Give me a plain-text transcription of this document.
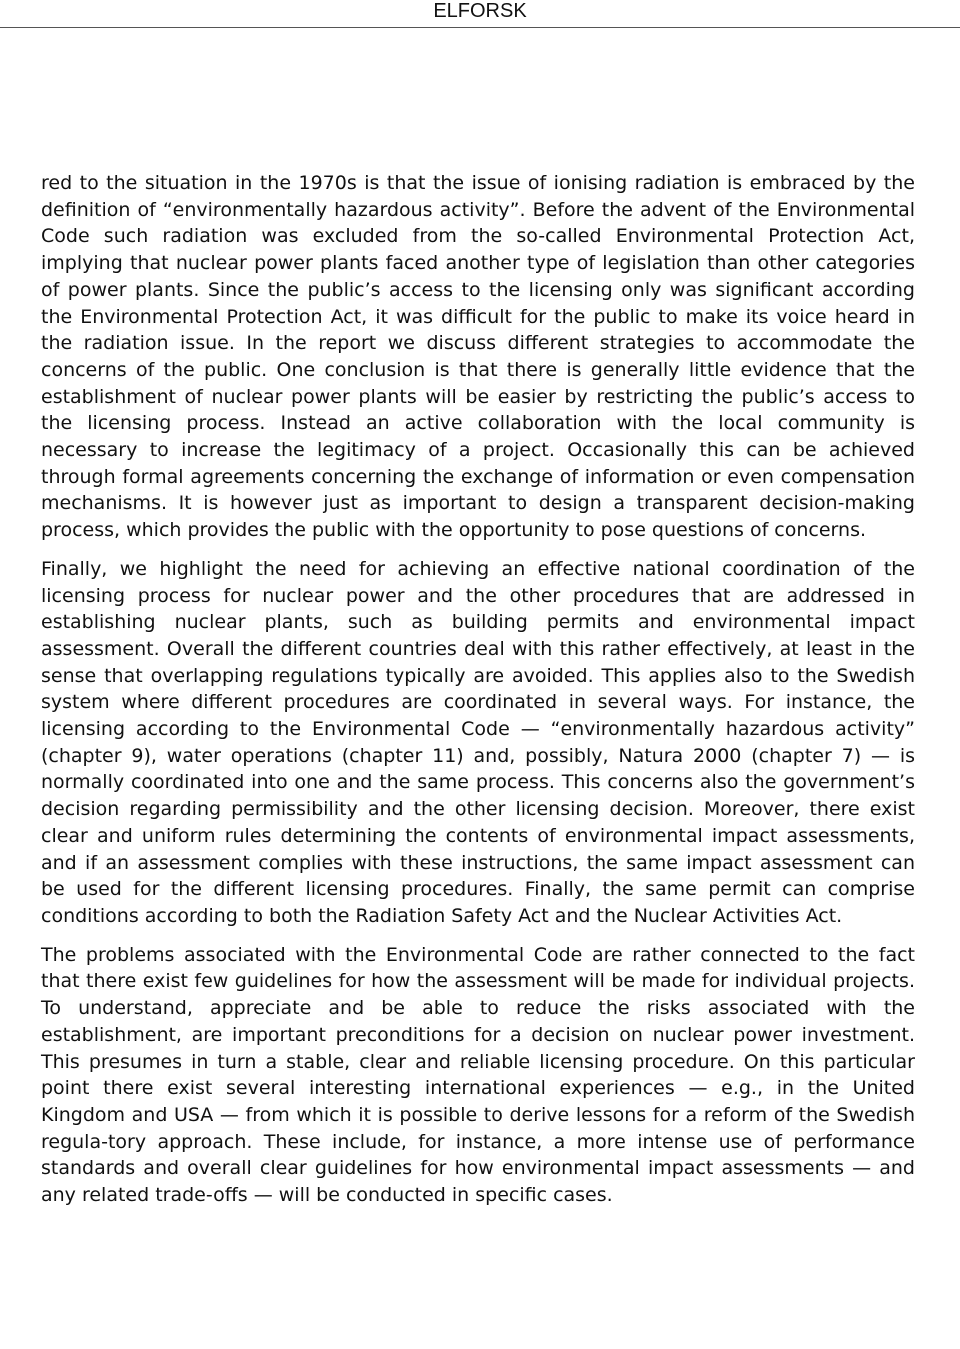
ELFORSK

red to the situation in the 1970s is that the issue of ionising radiation is embraced by the definition of “environmentally hazardous activity”. Before the advent of the Environmental Code such radiation was excluded from the so-called Environmental Protection Act, implying that nuclear power plants faced another type of legislation than other categories of power plants. Since the public’s access to the licensing only was significant according the Environmental Protection Act, it was difficult for the public to make its voice heard in the radiation issue. In the report we discuss different strategies to accommodate the concerns of the public. One conclusion is that there is generally little evidence that the establishment of nuclear power plants will be easier by restricting the public’s access to the licensing process. Instead an active collaboration with the local community is necessary to increase the legitimacy of a project. Occasionally this can be achieved through formal agreements concerning the exchange of information or even compensation mechanisms. It is however just as important to design a transparent decision-making process, which provides the public with the opportunity to pose questions of concerns.

Finally, we highlight the need for achieving an effective national coordination of the licensing process for nuclear power and the other procedures that are addressed in establishing nuclear plants, such as building permits and environmental impact assessment. Overall the different countries deal with this rather effectively, at least in the sense that overlapping regulations typically are avoided. This applies also to the Swedish system where different procedures are coordinated in several ways. For instance, the licensing according to the Environmental Code — “environmentally hazardous activity” (chapter 9), water operations (chapter 11) and, possibly, Natura 2000 (chapter 7) — is normally coordinated into one and the same process. This concerns also the government’s decision regarding permissibility and the other licensing decision. Moreover, there exist clear and uniform rules determining the contents of environmental impact assessments, and if an assessment complies with these instructions, the same impact assessment can be used for the different licensing procedures. Finally, the same permit can comprise conditions according to both the Radiation Safety Act and the Nuclear Activities Act.

The problems associated with the Environmental Code are rather connected to the fact that there exist few guidelines for how the assessment will be made for individual projects. To understand, appreciate and be able to reduce the risks associated with the establishment, are important preconditions for a decision on nuclear power investment. This presumes in turn a stable, clear and reliable licensing procedure. On this particular point there exist several interesting international experiences — e.g., in the United Kingdom and USA — from which it is possible to derive lessons for a reform of the Swedish regula-tory approach. These include, for instance, a more intense use of performance standards and overall clear guidelines for how environmental impact assessments — and any related trade-offs — will be conducted in specific cases.
